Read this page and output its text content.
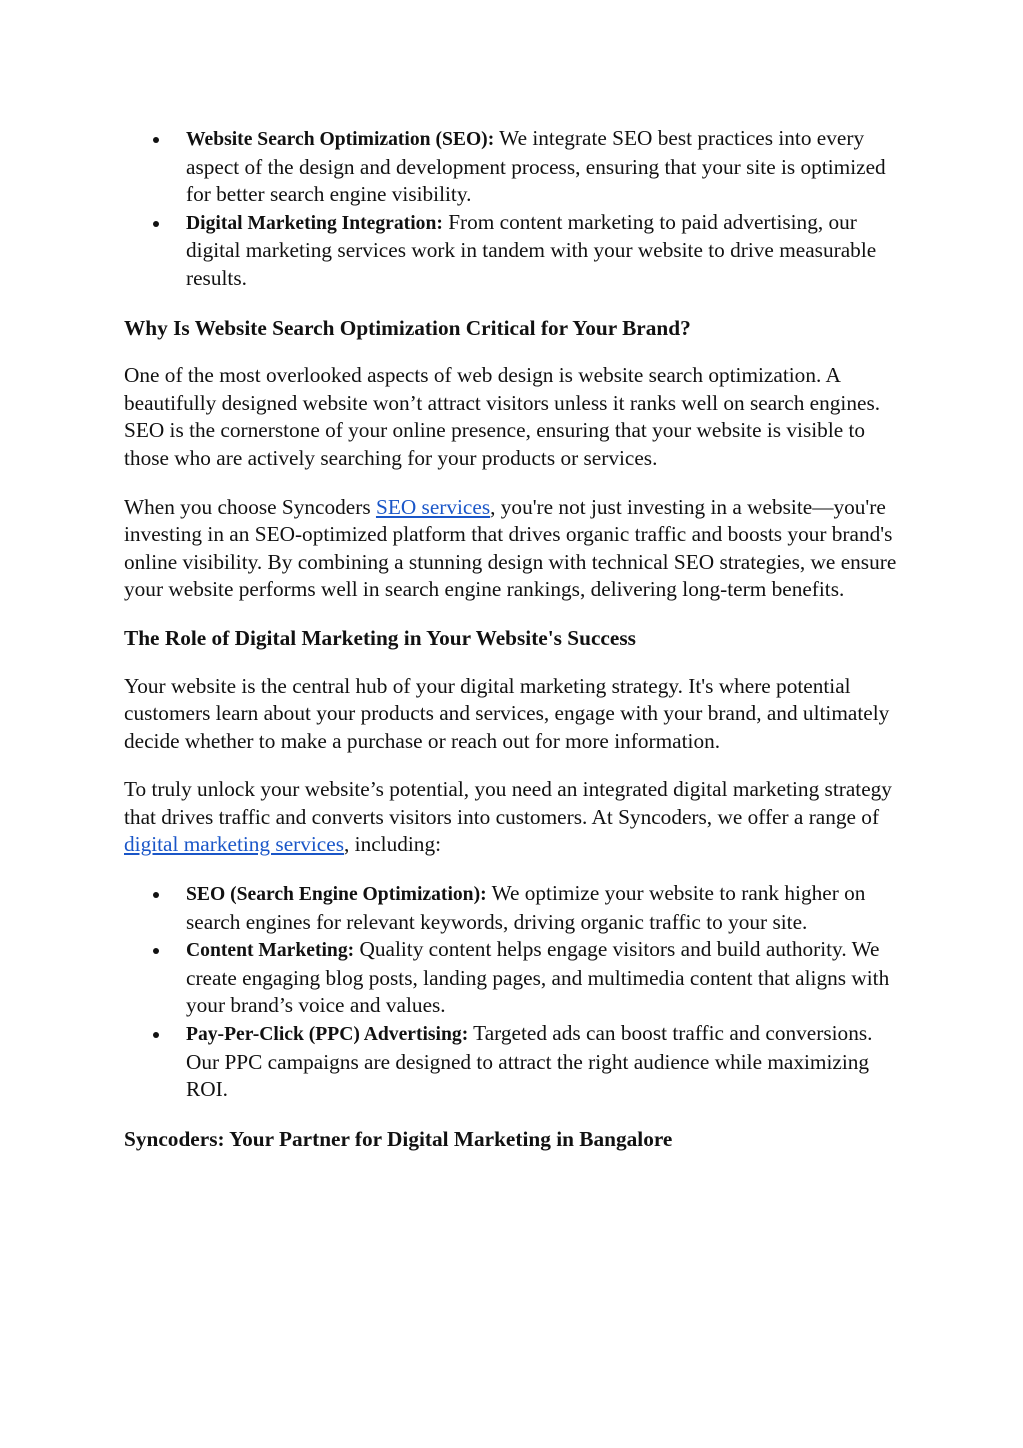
Website Search Optimization (SEO): We integrate SEO best practices into every aspect of the design and development process, ensuring that your site is optimized for better search engine visibility.
Digital Marketing Integration: From content marketing to paid advertising, our digital marketing services work in tandem with your website to drive measurable results.
Why Is Website Search Optimization Critical for Your Brand?

One of the most overlooked aspects of web design is website search optimization. A beautifully designed website won’t attract visitors unless it ranks well on search engines. SEO is the cornerstone of your online presence, ensuring that your website is visible to those who are actively searching for your products or services.

When you choose Syncoders SEO services, you're not just investing in a website—you're investing in an SEO-optimized platform that drives organic traffic and boosts your brand's online visibility. By combining a stunning design with technical SEO strategies, we ensure your website performs well in search engine rankings, delivering long-term benefits.

The Role of Digital Marketing in Your Website's Success

Your website is the central hub of your digital marketing strategy. It's where potential customers learn about your products and services, engage with your brand, and ultimately decide whether to make a purchase or reach out for more information.

To truly unlock your website’s potential, you need an integrated digital marketing strategy that drives traffic and converts visitors into customers. At Syncoders, we offer a range of digital marketing services, including:

SEO (Search Engine Optimization): We optimize your website to rank higher on search engines for relevant keywords, driving organic traffic to your site.
Content Marketing: Quality content helps engage visitors and build authority. We create engaging blog posts, landing pages, and multimedia content that aligns with your brand’s voice and values.
Pay-Per-Click (PPC) Advertising: Targeted ads can boost traffic and conversions. Our PPC campaigns are designed to attract the right audience while maximizing ROI.
Syncoders: Your Partner for Digital Marketing in Bangalore
